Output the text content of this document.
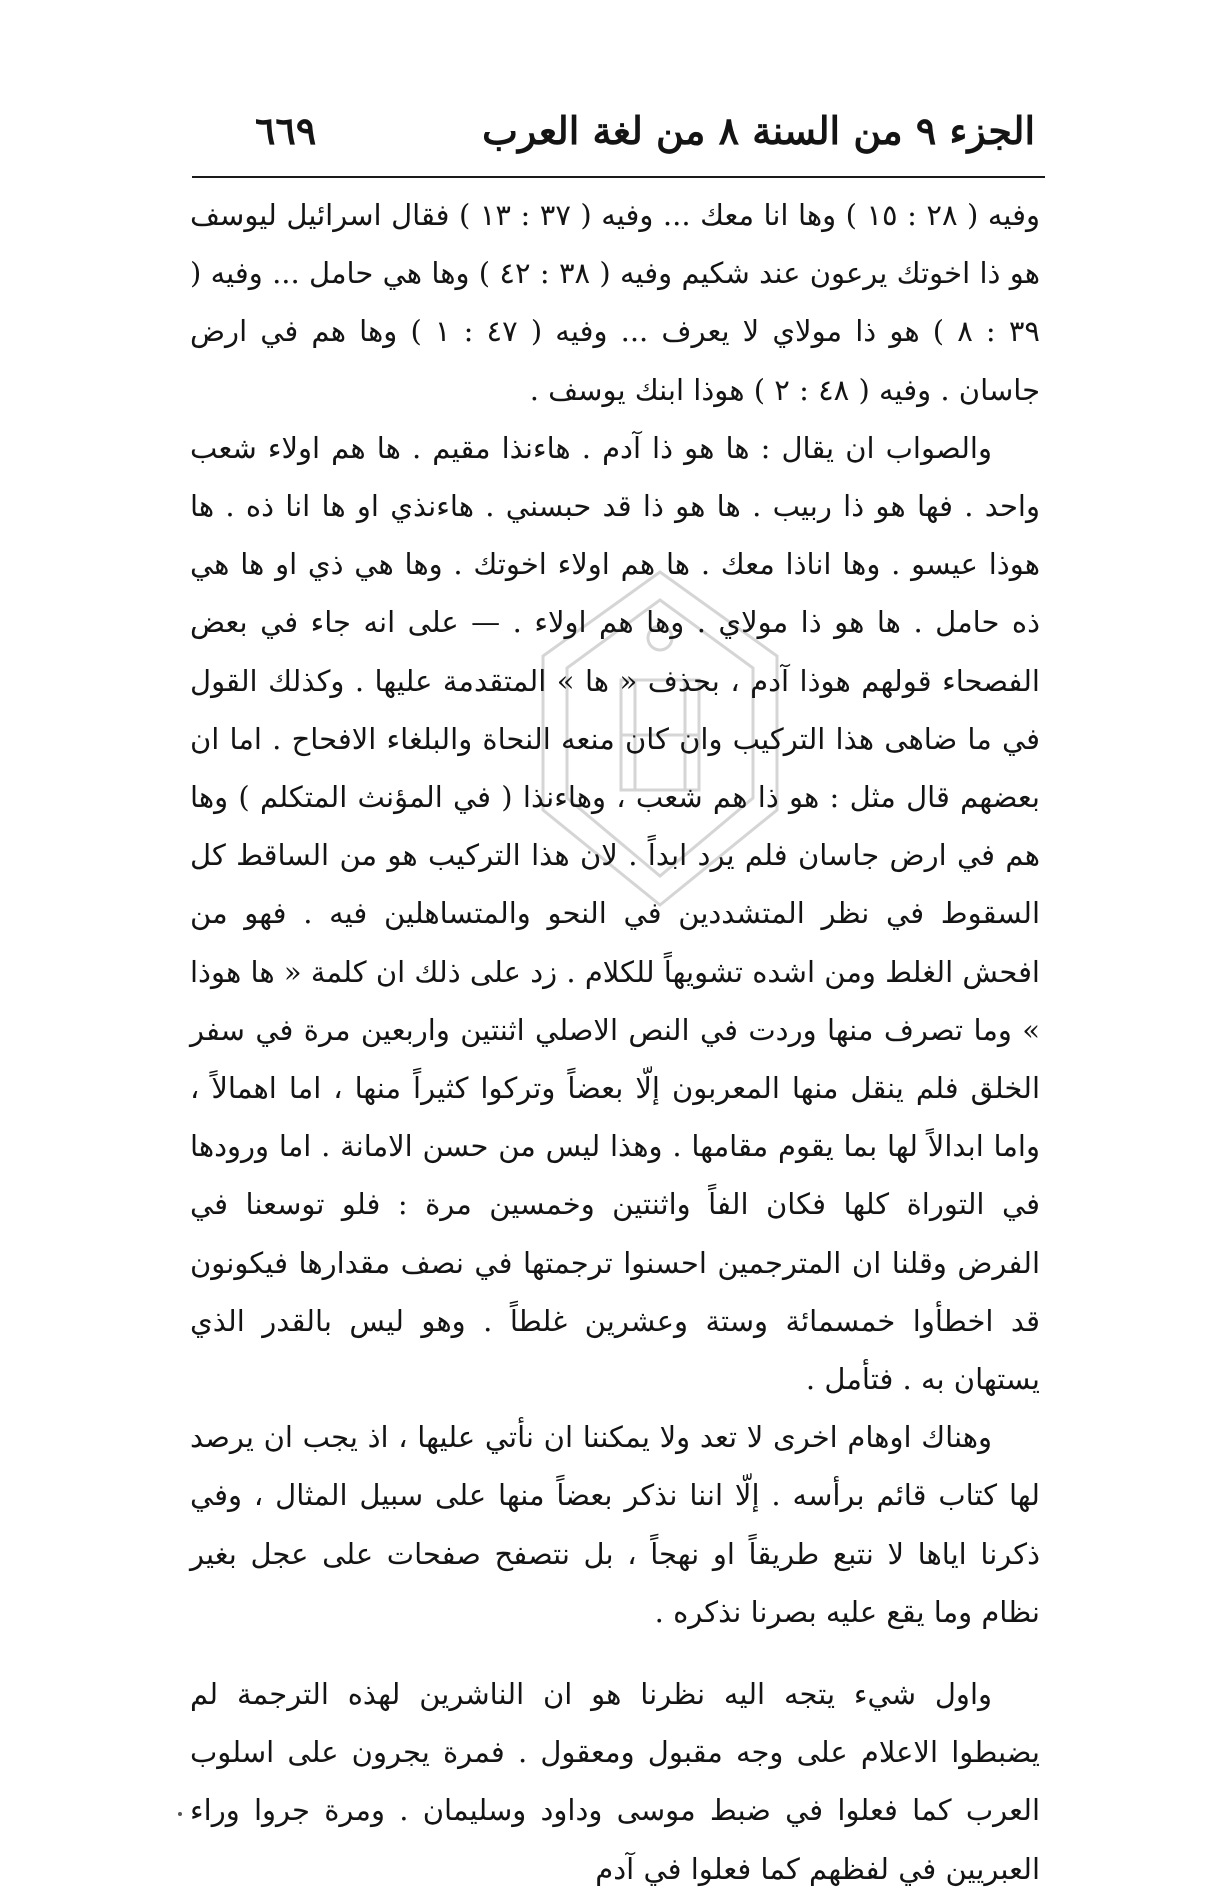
الجزء ٩ من السنة ٨ من لغة العرب
٦٦٩

وفيه ( ٢٨ : ١٥ ) وها انا معك ... وفيه ( ٣٧ : ١٣ ) فقال اسرائيل ليوسف هو ذا اخوتك يرعون عند شكيم وفيه ( ٣٨ : ٤٢ ) وها هي حامل ... وفيه ( ٣٩ : ٨ ) هو ذا مولاي لا يعرف ... وفيه ( ٤٧ : ١ ) وها هم في ارض جاسان . وفيه ( ٤٨ : ٢ ) هوذا ابنك يوسف .

والصواب ان يقال : ها هو ذا آدم . هاءنذا مقيم . ها هم اولاء شعب واحد . فها هو ذا ربيب . ها هو ذا قد حبسني . هاءنذي او ها انا ذه . ها هوذا عيسو . وها اناذا معك . ها هم اولاء اخوتك . وها هي ذي او ها هي ذه حامل . ها هو ذا مولاي . وها هم اولاء . — على انه جاء في بعض الفصحاء قولهم هوذا آدم ، بحذف « ها » المتقدمة عليها . وكذلك القول في ما ضاهى هذا التركيب وان كان منعه النحاة والبلغاء الافحاح . اما ان بعضهم قال مثل : هو ذا هم شعب ، وهاءنذا ( في المؤنث المتكلم ) وها هم في ارض جاسان فلم يرد ابداً . لان هذا التركيب هو من الساقط كل السقوط في نظر المتشددين في النحو والمتساهلين فيه . فهو من افحش الغلط ومن اشده تشويهاً للكلام . زد على ذلك ان كلمة « ها هوذا » وما تصرف منها وردت في النص الاصلي اثنتين واربعين مرة في سفر الخلق فلم ينقل منها المعربون إلّا بعضاً وتركوا كثيراً منها ، اما اهمالاً ، واما ابدالاً لها بما يقوم مقامها . وهذا ليس من حسن الامانة . اما ورودها في التوراة كلها فكان الفاً واثنتين وخمسين مرة : فلو توسعنا في الفرض وقلنا ان المترجمين احسنوا ترجمتها في نصف مقدارها فيكونون قد اخطأوا خمسمائة وستة وعشرين غلطاً . وهو ليس بالقدر الذي يستهان به . فتأمل .

وهناك اوهام اخرى لا تعد ولا يمكننا ان نأتي عليها ، اذ يجب ان يرصد لها كتاب قائم برأسه . إلّا اننا نذكر بعضاً منها على سبيل المثال ، وفي ذكرنا اياها لا نتبع طريقاً او نهجاً ، بل نتصفح صفحات على عجل بغير نظام وما يقع عليه بصرنا نذكره .

واول شيء يتجه اليه نظرنا هو ان الناشرين لهذه الترجمة لم يضبطوا الاعلام على وجه مقبول ومعقول . فمرة يجرون على اسلوب العرب كما فعلوا في ضبط موسى وداود وسليمان . ومرة جروا وراء العبريين في لفظهم كما فعلوا في آدم
